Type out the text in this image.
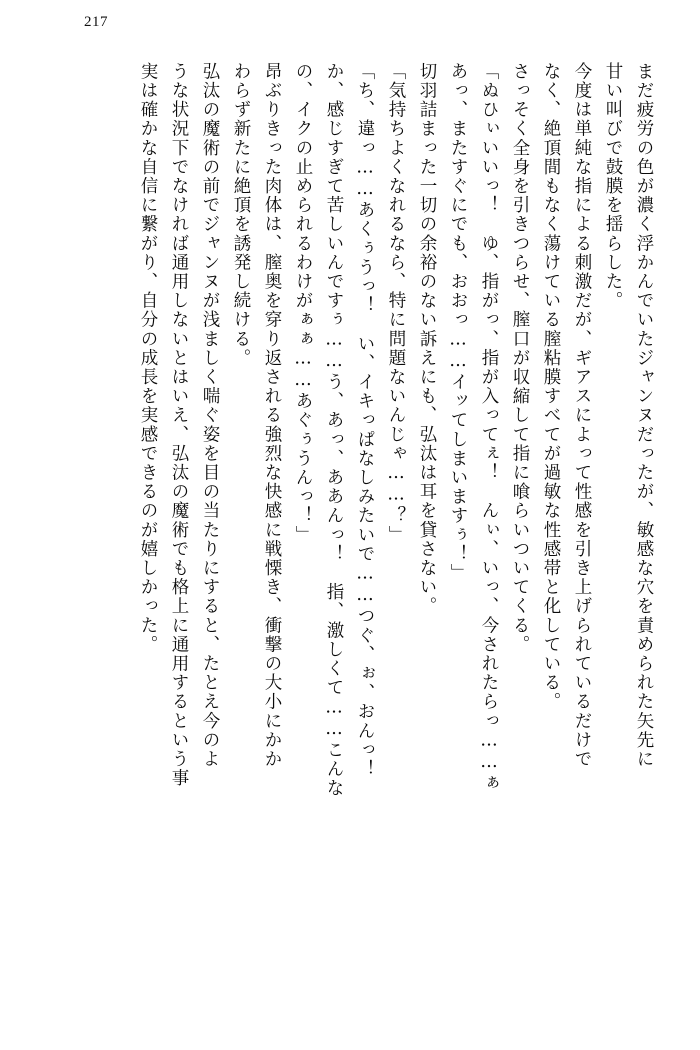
217
まだ疲労の色が濃く浮かんでいたジャンヌだったが、敏感な穴を責められた矢先に
甘い叫びで鼓膜を揺らした。
今度は単純な指による刺激だが、ギアスによって性感を引き上げられているだけで
なく、絶頂間もなく蕩けている膣粘膜すべてが過敏な性感帯と化している。
さっそく全身を引きつらせ、膣口が収縮して指に喰らいついてくる。
「ぬひぃいいっ！　ゆ、指がっ、指が入ってぇ！　んぃ、いっ、今されたらっ……ぁ
あっ、またすぐにでも、おおっ……イッてしまいますぅ！」
切羽詰まった一切の余裕のない訴えにも、弘汰は耳を貸さない。
「気持ちよくなれるなら、特に問題ないんじゃ……？」
「ち、違っ……あくぅうっ！　い、イキっぱなしみたいで……つぐ、ぉ、おんっ！
か、感じすぎて苦しいんですぅ……う、あっ、ああんっ！　指、激しくて……こんな
の、イクの止められるわけがぁぁ……あぐぅうんっ！」
昂ぶりきった肉体は、膣奥を穿り返される強烈な快感に戦慄き、衝撃の大小にかか
わらず新たに絶頂を誘発し続ける。
弘汰の魔術の前でジャンヌが浅ましく喘ぐ姿を目の当たりにすると、たとえ今のよ
うな状況下でなければ通用しないとはいえ、弘汰の魔術でも格上に通用するという事
実は確かな自信に繋がり、自分の成長を実感できるのが嬉しかった。
